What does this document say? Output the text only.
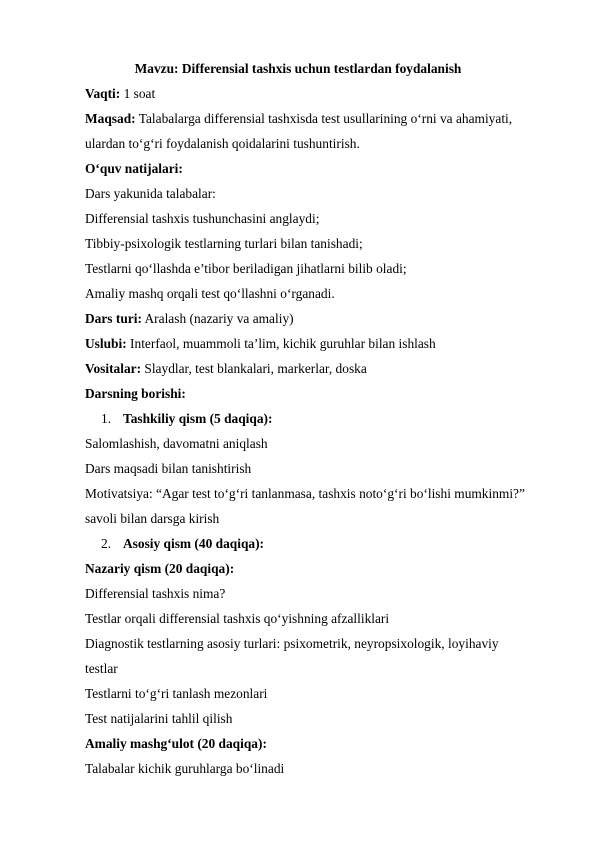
Mavzu: Differensial tashxis uchun testlardan foydalanish
Vaqti: 1 soat
Maqsad: Talabalarga differensial tashxisda test usullarining o‘rni va ahamiyati,
ulardan to‘g‘ri foydalanish qoidalarini tushuntirish.
O‘quv natijalari:
Dars yakunida talabalar:
Differensial tashxis tushunchasini anglaydi;
Tibbiy-psixologik testlarning turlari bilan tanishadi;
Testlarni qo‘llashda e’tibor beriladigan jihatlarni bilib oladi;
Amaliy mashq orqali test qo‘llashni o‘rganadi.
Dars turi: Aralash (nazariy va amaliy)
Uslubi: Interfaol, muammoli ta’lim, kichik guruhlar bilan ishlash
Vositalar: Slaydlar, test blankalari, markerlar, doska
Darsning borishi:
1. Tashkiliy qism (5 daqiqa):
Salomlashish, davomatni aniqlash
Dars maqsadi bilan tanishtirish
Motivatsiya: “Agar test to‘g‘ri tanlanmasa, tashxis noto‘g‘ri bo‘lishi mumkinmi?”
savoli bilan darsga kirish
2. Asosiy qism (40 daqiqa):
Nazariy qism (20 daqiqa):
Differensial tashxis nima?
Testlar orqali differensial tashxis qo‘yishning afzalliklari
Diagnostik testlarning asosiy turlari: psixometrik, neyropsixologik, loyihaviy
testlar
Testlarni to‘g‘ri tanlash mezonlari
Test natijalarini tahlil qilish
Amaliy mashg‘ulot (20 daqiqa):
Talabalar kichik guruhlarga bo‘linadi
